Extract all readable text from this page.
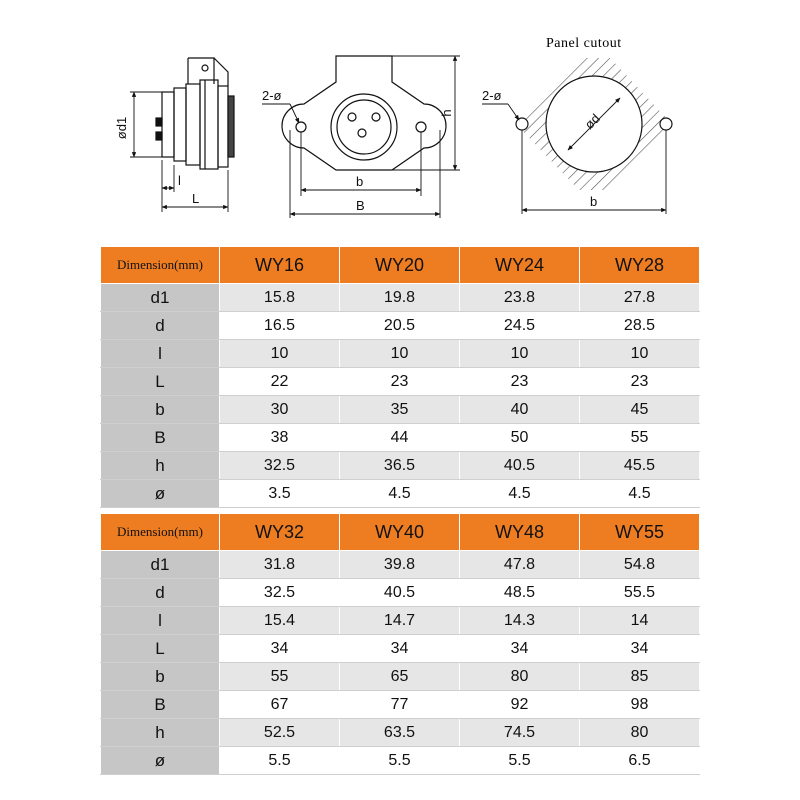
ød1
l
L
2-ø
b
B
h
Panel cutout
2-ø
ød
b
Dimension(mm)	WY16	WY20	WY24	WY28
d1	15.8	19.8	23.8	27.8
d	16.5	20.5	24.5	28.5
l	10	10	10	10
L	22	23	23	23
b	30	35	40	45
B	38	44	50	55
h	32.5	36.5	40.5	45.5
ø	3.5	4.5	4.5	4.5
Dimension(mm)	WY32	WY40	WY48	WY55
d1	31.8	39.8	47.8	54.8
d	32.5	40.5	48.5	55.5
l	15.4	14.7	14.3	14
L	34	34	34	34
b	55	65	80	85
B	67	77	92	98
h	52.5	63.5	74.5	80
ø	5.5	5.5	5.5	6.5
